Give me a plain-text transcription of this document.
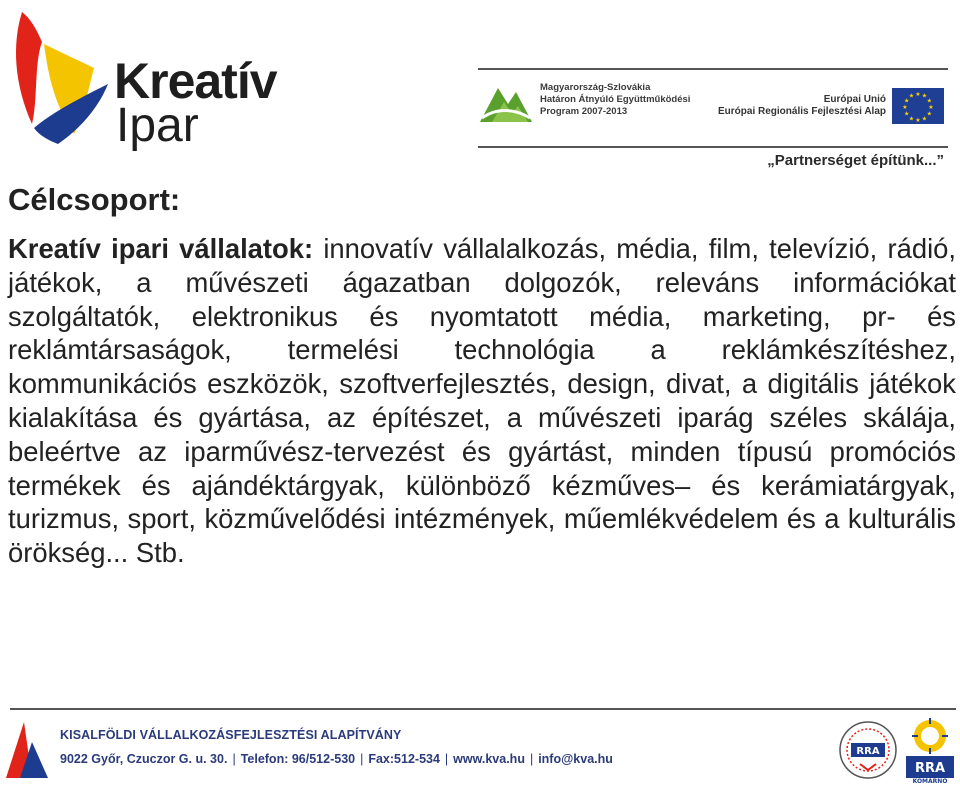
Kreatív
Ipar
Magyarország-Szlovákia
Határon Átnyúló Együttműködési
Program 2007-2013
Európai Unió
Európai Regionális Fejlesztési Alap
★ ★
★
★
★
★
★
★
★
★
★
★
„Partnerséget építünk...”
Célcsoport:

Kreatív ipari vállalatok: innovatív vállalalkozás, média, film, televízió, rádió, játékok, a művészeti ágazatban dolgozók, releváns információkat szolgáltatók, elektronikus és nyomtatott média, marketing, pr- és reklámtársaságok, termelési technológia a reklámkészítéshez, kommunikációs eszközök, szoftverfejlesztés, design, divat, a digitális játékok kialakítása és gyártása, az építészet, a művészeti iparág széles skálája, beleértve az iparművész-tervezést és gyártást, minden típusú promóciós termékek és ajándéktárgyak, különböző kézműves– és kerámiatárgyak, turizmus, sport, közművelődési intézmények, műemlékvédelem és a kulturális örökség... Stb.

KISALFÖLDI VÁLLALKOZÁSFEJLESZTÉSI ALAPÍTVÁNY
9022 Győr, Czuczor G. u. 30. | Telefon: 96/512-530 | Fax:512-534 | www.kva.hu | info@kva.hu
RRA
RRA
KOMÁRNO
